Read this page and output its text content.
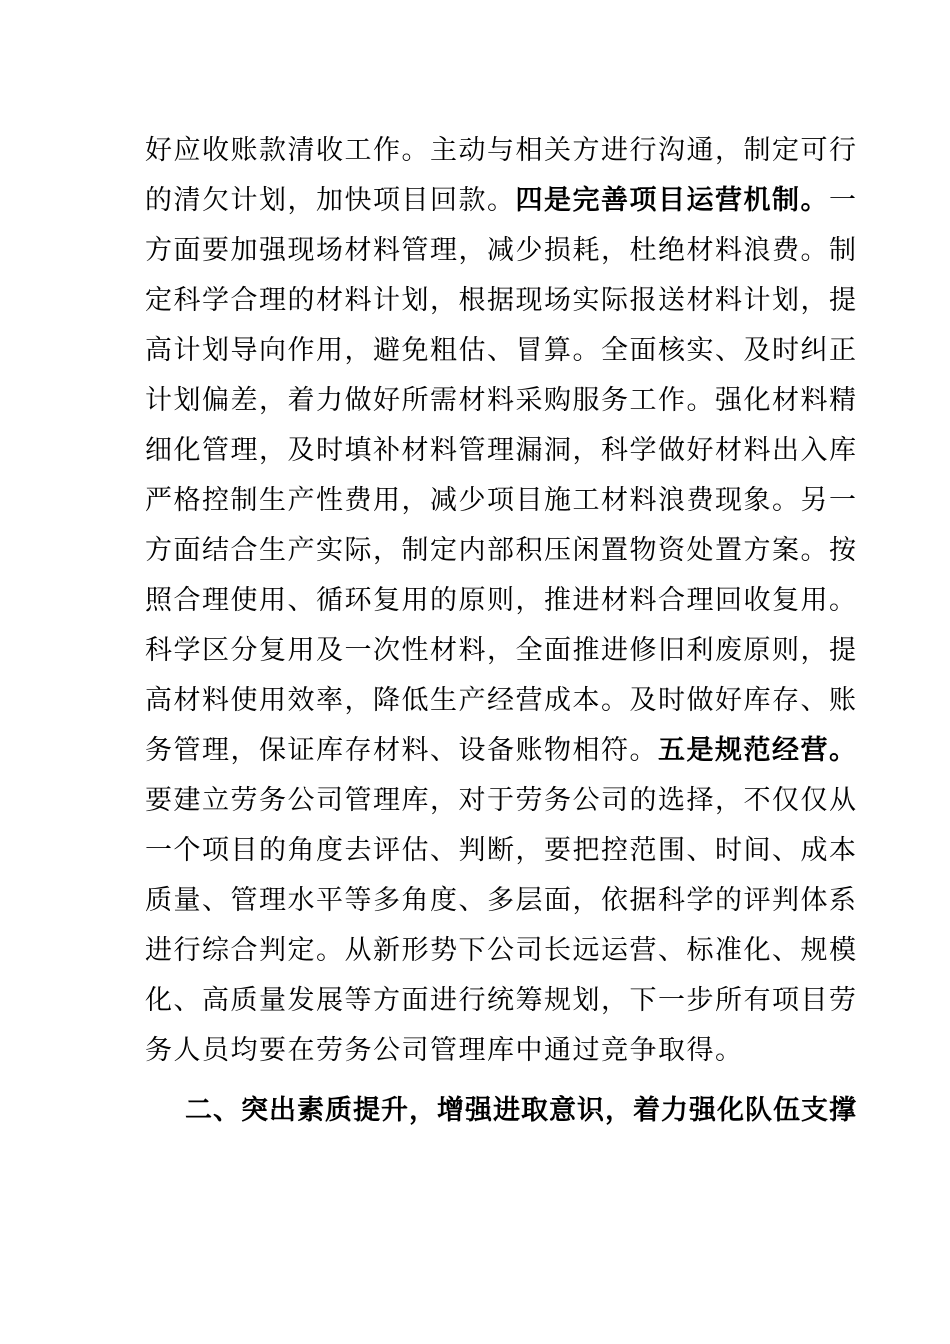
好应收账款清收工作。主动与相关方进行沟通，制定可行
的清欠计划，加快项目回款。四是完善项目运营机制。一
方面要加强现场材料管理，减少损耗，杜绝材料浪费。制
定科学合理的材料计划，根据现场实际报送材料计划，提
高计划导向作用，避免粗估、冒算。全面核实、及时纠正
计划偏差，着力做好所需材料采购服务工作。强化材料精
细化管理，及时填补材料管理漏洞，科学做好材料出入库
严格控制生产性费用，减少项目施工材料浪费现象。另一
方面结合生产实际，制定内部积压闲置物资处置方案。按
照合理使用、循环复用的原则，推进材料合理回收复用。
科学区分复用及一次性材料，全面推进修旧利废原则，提
高材料使用效率，降低生产经营成本。及时做好库存、账
务管理，保证库存材料、设备账物相符。五是规范经营。
要建立劳务公司管理库，对于劳务公司的选择，不仅仅从
一个项目的角度去评估、判断，要把控范围、时间、成本
质量、管理水平等多角度、多层面，依据科学的评判体系
进行综合判定。从新形势下公司长远运营、标准化、规模
化、高质量发展等方面进行统筹规划，下一步所有项目劳
务人员均要在劳务公司管理库中通过竞争取得。
二、突出素质提升，增强进取意识，着力强化队伍支撑
